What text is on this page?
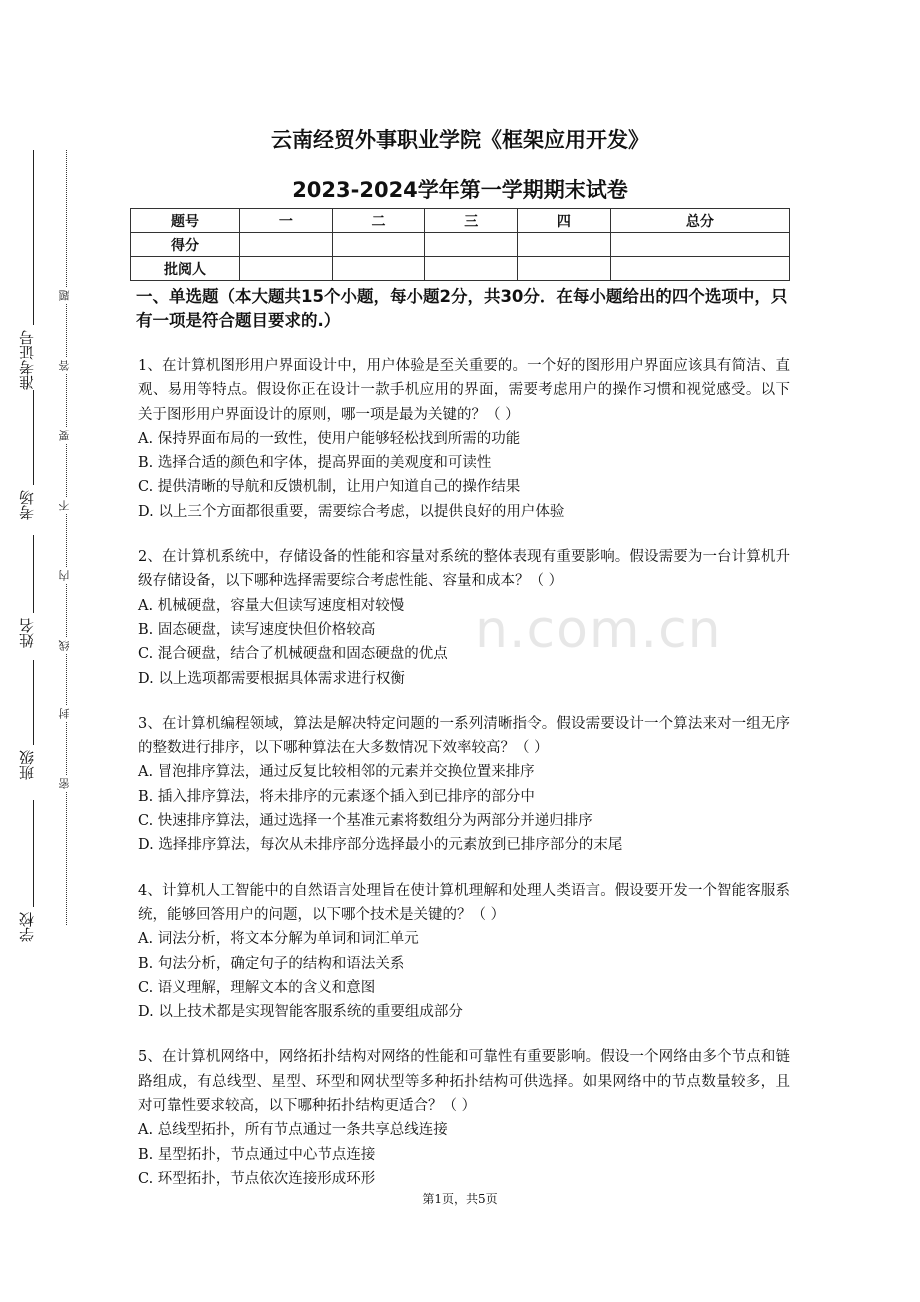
准考证号
考场
姓名
班级
学校
题
答
要
不
内
线
封
密
云南经贸外事职业学院《框架应用开发》
2023-2024学年第一学期期末试卷
题号	一	二	三	四	总分
得分					
批阅人					
n.com.cn
一、单选题（本大题共15个小题，每小题2分，共30分．在每小题给出的四个选项中，只有一项是符合题目要求的.）
1、在计算机图形用户界面设计中，用户体验是至关重要的。一个好的图形用户界面应该具有简洁、直观、易用等特点。假设你正在设计一款手机应用的界面，需要考虑用户的操作习惯和视觉感受。以下关于图形用户界面设计的原则，哪一项是最为关键的？（ ）
A. 保持界面布局的一致性，使用户能够轻松找到所需的功能
B. 选择合适的颜色和字体，提高界面的美观度和可读性
C. 提供清晰的导航和反馈机制，让用户知道自己的操作结果
D. 以上三个方面都很重要，需要综合考虑，以提供良好的用户体验
2、在计算机系统中，存储设备的性能和容量对系统的整体表现有重要影响。假设需要为一台计算机升级存储设备，以下哪种选择需要综合考虑性能、容量和成本？（ ）
A. 机械硬盘，容量大但读写速度相对较慢
B. 固态硬盘，读写速度快但价格较高
C. 混合硬盘，结合了机械硬盘和固态硬盘的优点
D. 以上选项都需要根据具体需求进行权衡
3、在计算机编程领域，算法是解决特定问题的一系列清晰指令。假设需要设计一个算法来对一组无序的整数进行排序，以下哪种算法在大多数情况下效率较高？（ ）
A. 冒泡排序算法，通过反复比较相邻的元素并交换位置来排序
B. 插入排序算法，将未排序的元素逐个插入到已排序的部分中
C. 快速排序算法，通过选择一个基准元素将数组分为两部分并递归排序
D. 选择排序算法，每次从未排序部分选择最小的元素放到已排序部分的末尾
4、计算机人工智能中的自然语言处理旨在使计算机理解和处理人类语言。假设要开发一个智能客服系统，能够回答用户的问题，以下哪个技术是关键的？（ ）
A. 词法分析，将文本分解为单词和词汇单元
B. 句法分析，确定句子的结构和语法关系
C. 语义理解，理解文本的含义和意图
D. 以上技术都是实现智能客服系统的重要组成部分
5、在计算机网络中，网络拓扑结构对网络的性能和可靠性有重要影响。假设一个网络由多个节点和链路组成，有总线型、星型、环型和网状型等多种拓扑结构可供选择。如果网络中的节点数量较多，且对可靠性要求较高，以下哪种拓扑结构更适合？（ ）
A. 总线型拓扑，所有节点通过一条共享总线连接
B. 星型拓扑，节点通过中心节点连接
C. 环型拓扑，节点依次连接形成环形
第1页，共5页
